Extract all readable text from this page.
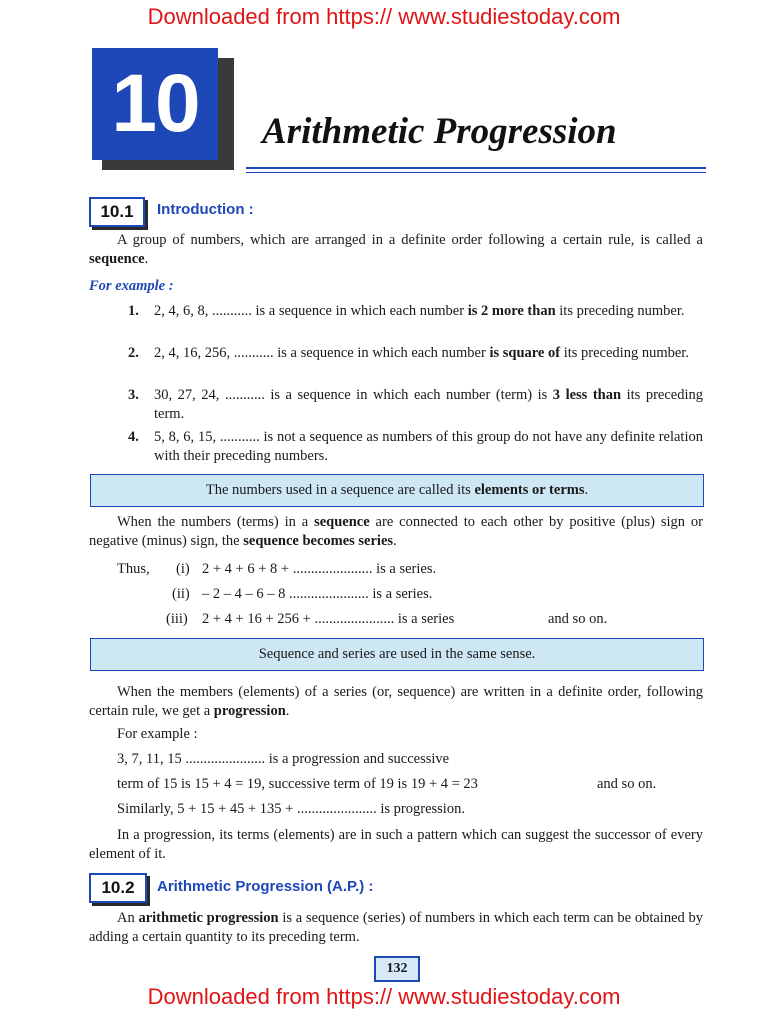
Downloaded from https:// www.studiestoday.com
10	Arithmetic Progression
10.1	Introduction :
A group of numbers, which are arranged in a definite order following a certain rule, is called a sequence.
For example :
1. 2, 4, 6, 8, ........... is a sequence in which each number is 2 more than its preceding number.
2. 2, 4, 16, 256, ........... is a sequence in which each number is square of its preceding number.
3. 30, 27, 24, ........... is a sequence in which each number (term) is 3 less than its preceding term.
4. 5, 8, 6, 15, ........... is not a sequence as numbers of this group do not have any definite relation with their preceding numbers.
The numbers used in a sequence are called its elements or terms.
When the numbers (terms) in a sequence are connected to each other by positive (plus) sign or negative (minus) sign, the sequence becomes series.
Thus, (i) 2 + 4 + 6 + 8 + ...................... is a series.
(ii) – 2 – 4 – 6 – 8 ...................... is a series.
(iii) 2 + 4 + 16 + 256 + ...................... is a series	and so on.
Sequence and series are used in the same sense.
When the members (elements) of a series (or, sequence) are written in a definite order, following certain rule, we get a progression.
For example :
3, 7, 11, 15 ...................... is a progression and successive
term of 15 is 15 + 4 = 19, successive term of 19 is 19 + 4 = 23	and so on.
Similarly, 5 + 15 + 45 + 135 + ...................... is progression.
In a progression, its terms (elements) are in such a pattern which can suggest the successor of every element of it.
10.2	Arithmetic Progression (A.P.) :
An arithmetic progression is a sequence (series) of numbers in which each term can be obtained by adding a certain quantity to its preceding term.
132
Downloaded from https:// www.studiestoday.com
